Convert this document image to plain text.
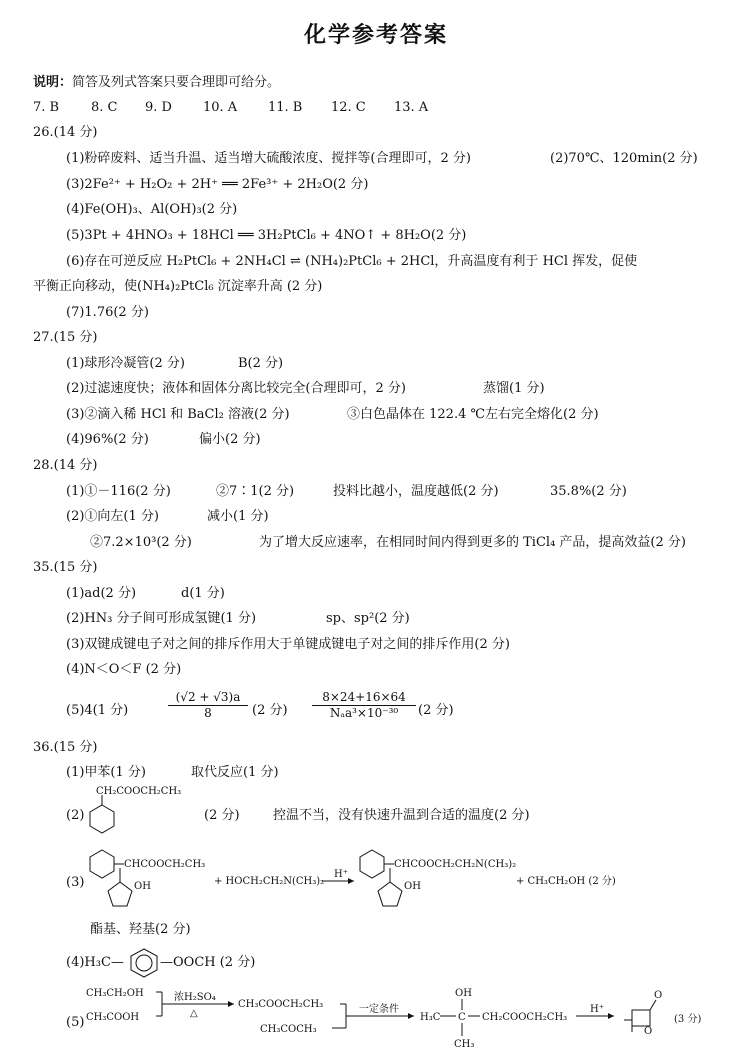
化学参考答案
说明：简答及列式答案只要合理即可给分。
7. B 8. C 9. D 10. A 11. B 12. C 13. A
26.(14 分)
(1)粉碎废料、适当升温、适当增大硫酸浓度、搅拌等(合理即可，2 分)	(2)70℃、120min(2 分)
(3)2Fe²⁺ + H₂O₂ + 2H⁺ ══ 2Fe³⁺ + 2H₂O(2 分)
(4)Fe(OH)₃、Al(OH)₃(2 分)
(5)3Pt + 4HNO₃ + 18HCl ══ 3H₂PtCl₆ + 4NO↑ + 8H₂O(2 分)
(6)存在可逆反应 H₂PtCl₆ + 2NH₄Cl ⇌ (NH₄)₂PtCl₆ + 2HCl，升高温度有利于 HCl 挥发，促使
平衡正向移动，使(NH₄)₂PtCl₆ 沉淀率升高 (2 分)
(7)1.76(2 分)
27.(15 分)
(1)球形冷凝管(2 分)	B(2 分)
(2)过滤速度快；液体和固体分离比较完全(合理即可，2 分)	蒸馏(1 分)
(3)②滴入稀 HCl 和 BaCl₂ 溶液(2 分)	③白色晶体在 122.4 ℃左右完全熔化(2 分)
(4)96%(2 分)	偏小(2 分)
28.(14 分)
(1)①－116(2 分)	②7∶1(2 分)	投料比越小，温度越低(2 分)	35.8%(2 分)
(2)①向左(1 分)	减小(1 分)
②7.2×10³(2 分)	为了增大反应速率，在相同时间内得到更多的 TiCl₄ 产品，提高效益(2 分)
35.(15 分)
(1)ad(2 分)	d(1 分)
(2)HN₃ 分子间可形成氢键(1 分)	sp、sp²(2 分)
(3)双键成键电子对之间的排斥作用大于单键成键电子对之间的排斥作用(2 分)
(4)N＜O＜F (2 分)
(5)4(1 分)	$\frac{(√2 + √3)a}{8} (2$ 分)
8×24+16×64
Nₐa³×10⁻³⁰	(2 分)
36.(15 分)
(1)甲苯(1 分)	取代反应(1 分)
(2)
CH₂COOCH₂CH₃
(2 分)	控温不当，没有快速升温到合适的温度(2 分)
(3)
CHCOOCH₂CH₃
OH	+ HOCH₂CH₂N(CH₃)₂
H⁺
CHCOOCH₂CH₂N(CH₃)₂
OH	+ CH₃CH₂OH (2 分)
酯基、羟基(2 分)
(4)H₃C—	—OOCH (2 分)
(5)
CH₃CH₂OH
CH₃COOH
浓H₂SO₄
△
CH₃COOCH₂CH₃
CH₃COCH₃
一定条件
H₃C C
OH
CH₃
CH₂COOCH₂CH₃
H⁺
O
O
(3 分)
